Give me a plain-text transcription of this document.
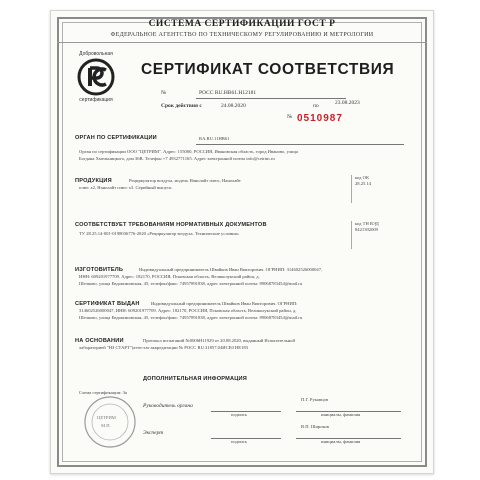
СИСТЕМА СЕРТИФИКАЦИИ ГОСТ Р
ФЕДЕРАЛЬНОЕ АГЕНТСТВО ПО ТЕХНИЧЕСКОМУ РЕГУЛИРОВАНИЮ И МЕТРОЛОГИИ
Добровольная
сертификация
СЕРТИФИКАТ СООТВЕТСТВИЯ
№	РОСС RU.HB61.H12181
Срок действия с	24.08.2020	по	23.08.2023
№ 0510987
ОРГАН ПО СЕРТИФИКАЦИИ	RA.RU.11HB61
Орган по сертификации ООО "ЦЕТРИМ". Адрес: 155000, РОССИЯ, Ивановская область, город Иваново, улица
Богдана Хмельницкого, дом 36В. Телефон +7 4932771165. Адрес электронной почты info@cetrim.ru
ПРОДУКЦИЯ	Рециркулятор воздуха, модель Нанолайт плюс, Нанолайт
плюс х2, Нанолайт плюс х3. Серийный выпуск.
код ОК
28.25.14
СООТВЕТСТВУЕТ ТРЕБОВАНИЯМ НОРМАТИВНЫХ ДОКУМЕНТОВ
ТУ 28.25.14-001-0198036776-2020 «Рециркулятор воздуха. Технические условия»
код ТН ВЭД
8421392009
ИЗГОТОВИТЕЛЬ	Индивидуальный предприниматель Швайков Иван Викторович. ОГРНИП: 314602526000047,
ИНН: 609201977709. Адрес: 182170, РОССИЯ, Псковская область, Великолукский район, д.
Шелково, улица Евдокимовская, 45, телефон/факс: 74957891838, адрес электронной почты: 89068783454@mail.ru
СЕРТИФИКАТ ВЫДАН Индивидуальный предприниматель Швайков Иван Викторович. ОГРНИП:
314602526000047, ИНН: 609201977709. Адрес: 182170, РОССИЯ, Псковская область, Великолукский район, д.
Шелково, улица Евдокимовская, 45, телефон/факс: 74957891838, адрес электронной почты: 89068783454@mail.ru
НА ОСНОВАНИИ	Протокол испытаний №0006Н11929 от 20.08.2020, выданный Испытательной
лабораторией "НЗ СТАРТ"(аттестат аккредитации № РОСС RU.31857.04ИСЕ0 НЕ183
ДОПОЛНИТЕЛЬНАЯ ИНФОРМАЦИЯ
Схема сертификации: 3a
Руководитель органа
П.Г. Рукавцов
подпись	инициалы, фамилия
Эксперт
В.П. Широков
подпись	инициалы, фамилия
ЦЕТРИМ
М.П.
